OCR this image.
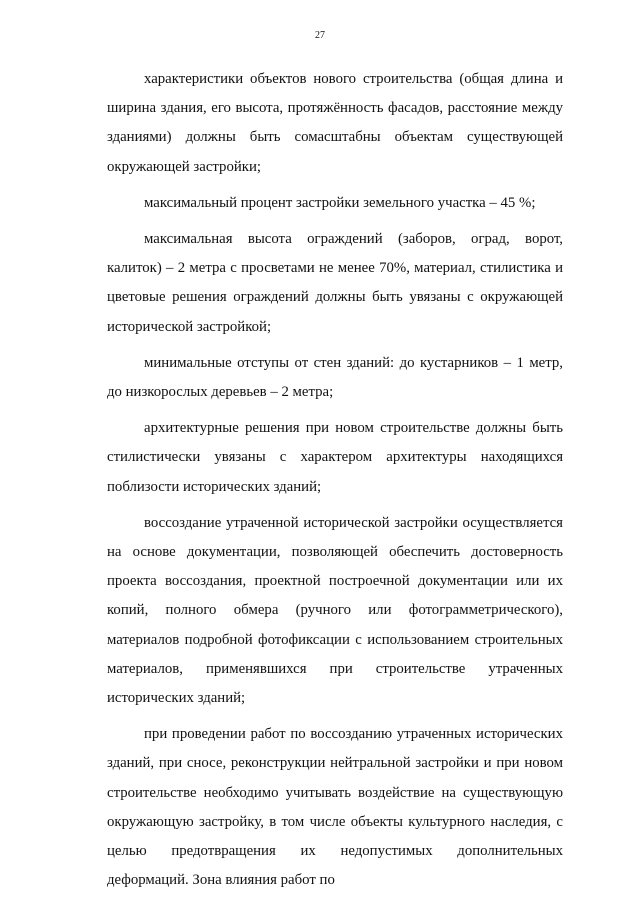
27

характеристики объектов нового строительства (общая длина и ширина здания, его высота, протяжённость фасадов, расстояние между зданиями) должны быть сомасштабны объектам существующей окружающей застройки;

максимальный процент застройки земельного участка – 45 %;

максимальная высота ограждений (заборов, оград, ворот, калиток) – 2 метра с просветами не менее 70%, материал, стилистика и цветовые решения ограждений должны быть увязаны с окружающей исторической застройкой;

минимальные отступы от стен зданий: до кустарников – 1 метр, до низкорослых деревьев – 2 метра;

архитектурные решения при новом строительстве должны быть стилистически увязаны с характером архитектуры находящихся поблизости исторических зданий;

воссоздание утраченной исторической застройки осуществляется на основе документации, позволяющей обеспечить достоверность проекта воссоздания, проектной построечной документации или их копий, полного обмера (ручного или фотограмметрического), материалов подробной фотофиксации с использованием строительных материалов, применявшихся при строительстве утраченных исторических зданий;

при проведении работ по воссозданию утраченных исторических зданий, при сносе, реконструкции нейтральной застройки и при новом строительстве необходимо учитывать воздействие на существующую окружающую застройку, в том числе объекты культурного наследия, с целью предотвращения их недопустимых дополнительных деформаций. Зона влияния работ по
